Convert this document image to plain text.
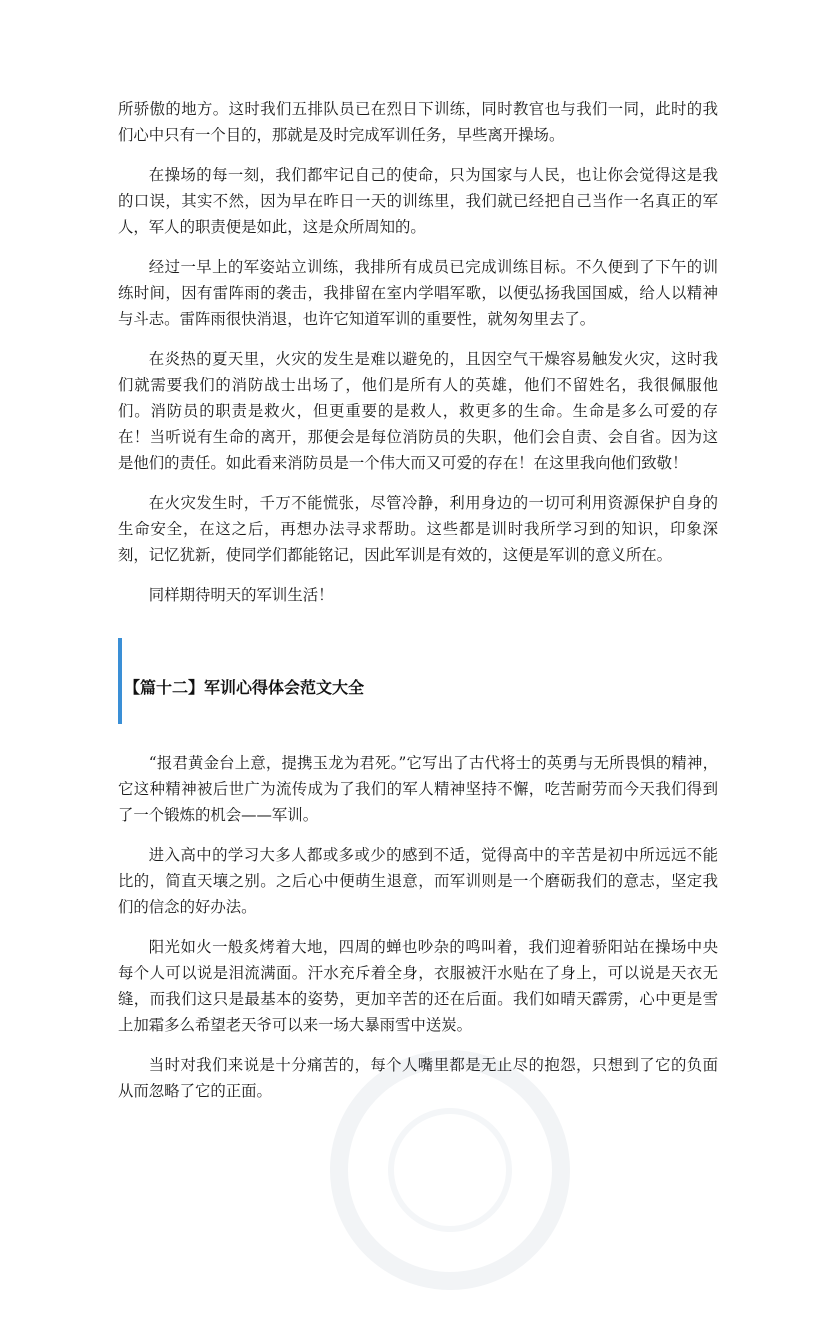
所骄傲的地方。这时我们五排队员已在烈日下训练，同时教官也与我们一同，此时的我们心中只有一个目的，那就是及时完成军训任务，早些离开操场。

在操场的每一刻，我们都牢记自己的使命，只为国家与人民，也让你会觉得这是我的口误，其实不然，因为早在昨日一天的训练里，我们就已经把自己当作一名真正的军人，军人的职责便是如此，这是众所周知的。

经过一早上的军姿站立训练，我排所有成员已完成训练目标。不久便到了下午的训练时间，因有雷阵雨的袭击，我排留在室内学唱军歌，以便弘扬我国国威，给人以精神与斗志。雷阵雨很快消退，也许它知道军训的重要性，就匆匆里去了。

在炎热的夏天里，火灾的发生是难以避免的，且因空气干燥容易触发火灾，这时我们就需要我们的消防战士出场了，他们是所有人的英雄，他们不留姓名，我很佩服他们。消防员的职责是救火，但更重要的是救人，救更多的生命。生命是多么可爱的存在！当听说有生命的离开，那便会是每位消防员的失职，他们会自责、会自省。因为这是他们的责任。如此看来消防员是一个伟大而又可爱的存在！在这里我向他们致敬！

在火灾发生时，千万不能慌张，尽管冷静，利用身边的一切可利用资源保护自身的生命安全，在这之后，再想办法寻求帮助。这些都是训时我所学习到的知识，印象深刻，记忆犹新，使同学们都能铭记，因此军训是有效的，这便是军训的意义所在。

同样期待明天的军训生活！

【篇十二】军训心得体会范文大全

“报君黄金台上意，提携玉龙为君死。”它写出了古代将士的英勇与无所畏惧的精神，它这种精神被后世广为流传成为了我们的军人精神坚持不懈，吃苦耐劳而今天我们得到了一个锻炼的机会——军训。

进入高中的学习大多人都或多或少的感到不适，觉得高中的辛苦是初中所远远不能比的，简直天壤之别。之后心中便萌生退意，而军训则是一个磨砺我们的意志，坚定我们的信念的好办法。

阳光如火一般炙烤着大地，四周的蝉也吵杂的鸣叫着，我们迎着骄阳站在操场中央每个人可以说是泪流满面。汗水充斥着全身，衣服被汗水贴在了身上，可以说是天衣无缝，而我们这只是最基本的姿势，更加辛苦的还在后面。我们如晴天霹雳，心中更是雪上加霜多么希望老天爷可以来一场大暴雨雪中送炭。

当时对我们来说是十分痛苦的，每个人嘴里都是无止尽的抱怨，只想到了它的负面从而忽略了它的正面。
